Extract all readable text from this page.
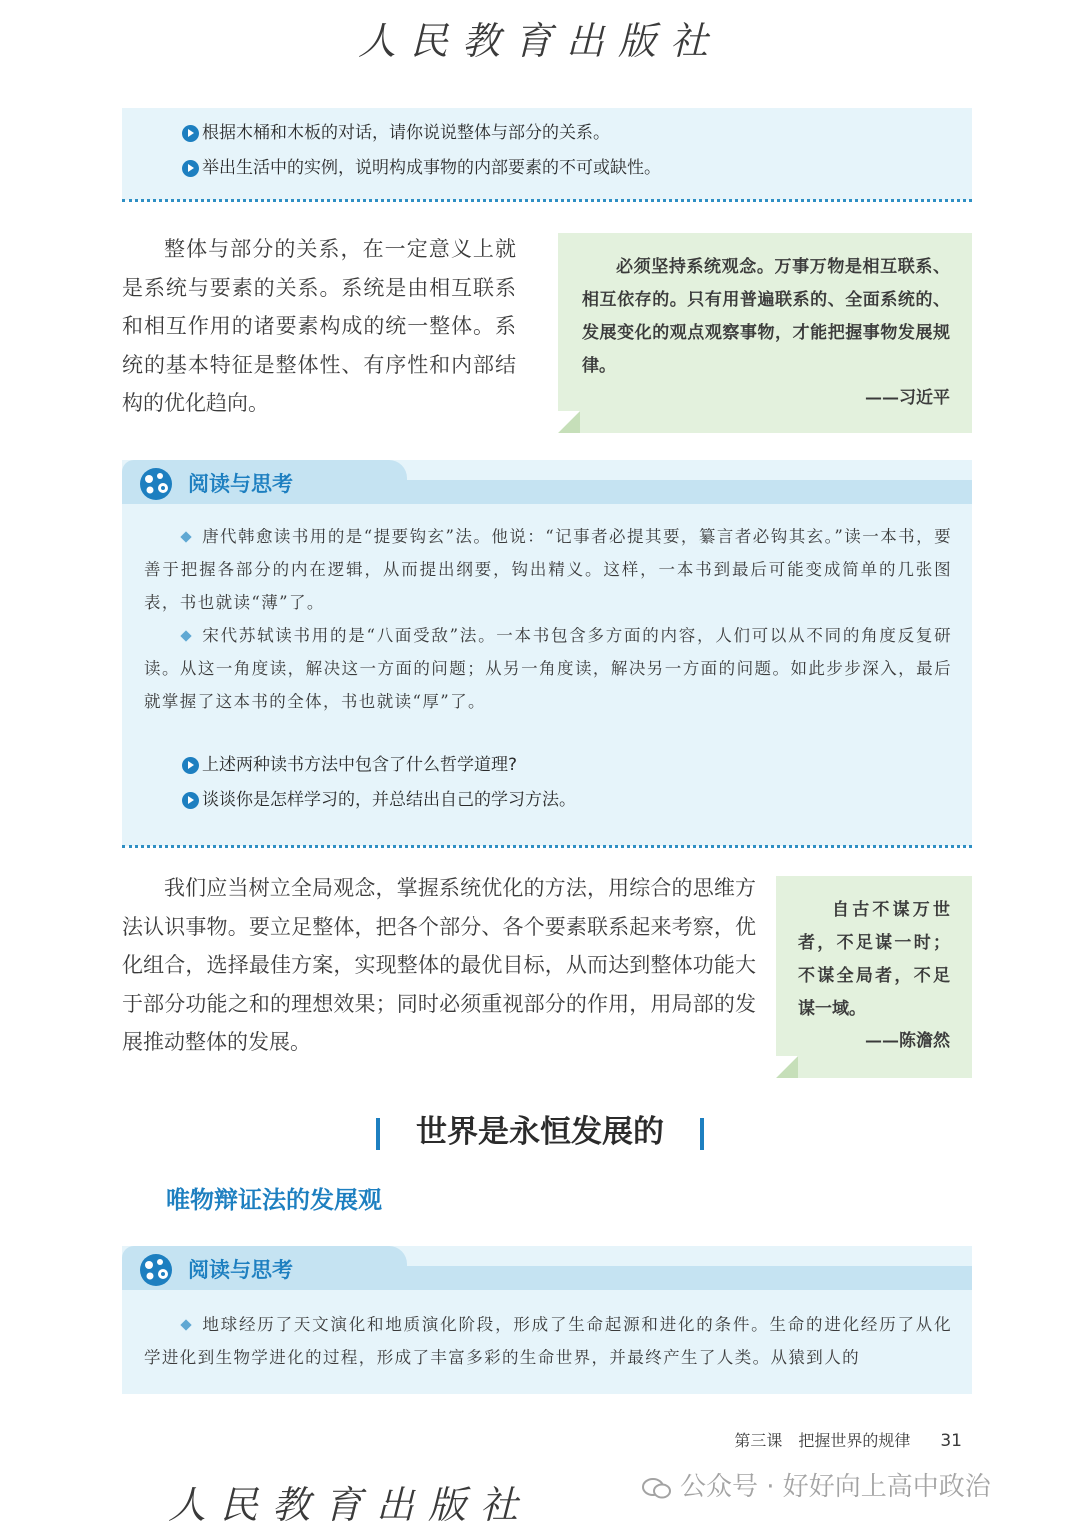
人民教育出版社
根据木桶和木板的对话，请你说说整体与部分的关系。
举出生活中的实例，说明构成事物的内部要素的不可或缺性。
整体与部分的关系，在一定意义上就是系统与要素的关系。系统是由相互联系和相互作用的诸要素构成的统一整体。系统的基本特征是整体性、有序性和内部结构的优化趋向。
必须坚持系统观念。万事万物是相互联系、相互依存的。只有用普遍联系的、全面系统的、发展变化的观点观察事物，才能把握事物发展规律。
——习近平
阅读与思考
唐代韩愈读书用的是“提要钩玄”法。他说：“记事者必提其要，纂言者必钩其玄。”读一本书，要善于把握各部分的内在逻辑，从而提出纲要，钩出精义。这样，一本书到最后可能变成简单的几张图表，书也就读“薄”了。
宋代苏轼读书用的是“八面受敌”法。一本书包含多方面的内容，人们可以从不同的角度反复研读。从这一角度读，解决这一方面的问题；从另一角度读，解决另一方面的问题。如此步步深入，最后就掌握了这本书的全体，书也就读“厚”了。
上述两种读书方法中包含了什么哲学道理?
谈谈你是怎样学习的，并总结出自己的学习方法。
我们应当树立全局观念，掌握系统优化的方法，用综合的思维方法认识事物。要立足整体，把各个部分、各个要素联系起来考察，优化组合，选择最佳方案，实现整体的最优目标，从而达到整体功能大于部分功能之和的理想效果；同时必须重视部分的作用，用局部的发展推动整体的发展。
自古不谋万世者，不足谋一时；不谋全局者，不足谋一域。
——陈澹然
世界是永恒发展的
唯物辩证法的发展观
阅读与思考
地球经历了天文演化和地质演化阶段，形成了生命起源和进化的条件。生命的进化经历了从化学进化到生物学进化的过程，形成了丰富多彩的生命世界，并最终产生了人类。从猿到人的
第三课　把握世界的规律 31
人民教育出版社	公众号 · 好好向上高中政治
